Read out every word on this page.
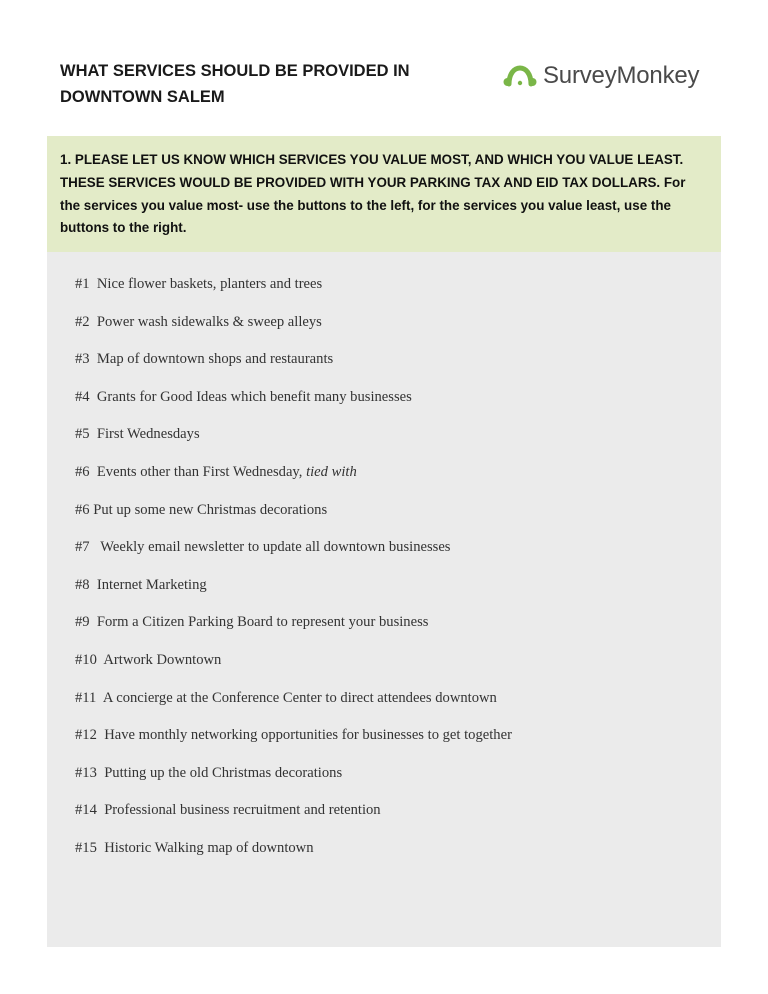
WHAT SERVICES SHOULD BE PROVIDED IN
DOWNTOWN SALEM
SurveyMonkey

1. PLEASE LET US KNOW WHICH SERVICES YOU VALUE MOST, AND WHICH YOU VALUE LEAST. THESE SERVICES WOULD BE PROVIDED WITH YOUR PARKING TAX AND EID TAX DOLLARS. For the services you value most- use the buttons to the left, for the services you value least, use the buttons to the right.

#1  Nice flower baskets, planters and trees
#2  Power wash sidewalks & sweep alleys
#3  Map of downtown shops and restaurants
#4  Grants for Good Ideas which benefit many businesses
#5  First Wednesdays
#6  Events other than First Wednesday, tied with
#6 Put up some new Christmas decorations
#7   Weekly email newsletter to update all downtown businesses
#8  Internet Marketing
#9  Form a Citizen Parking Board to represent your business
#10  Artwork Downtown
#11  A concierge at the Conference Center to direct attendees downtown
#12  Have monthly networking opportunities for businesses to get together
#13  Putting up the old Christmas decorations
#14  Professional business recruitment and retention
#15  Historic Walking map of downtown
